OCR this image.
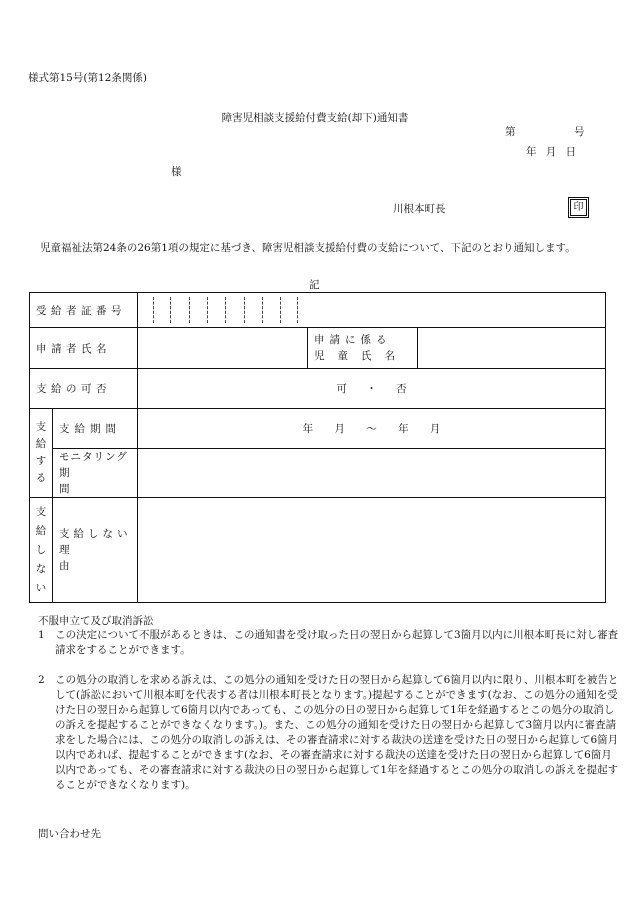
様式第15号(第12条関係)
障害児相談支援給付費支給(却下)通知書
第	号
年 月 日
様
川根本町長	印
児童福祉法第24条の26第1項の規定に基づき、障害児相談支援給付費の支給について、下記のとおり通知します。
記
受給者証番号				

申請者氏名			申請に係る
児童氏名	

支給の可否		可 ・ 否		

支
給
す
る	支給期間	年 月 〜 年 月		

	モニタリング
期間			

支
給
し
な
い	支給しない
理由			

不服申立て及び取消訴訟
1　この決定について不服があるときは、この通知書を受け取った日の翌日から起算して3箇月以内に川根本町長に対し審査請求をすることができます。
2　この処分の取消しを求める訴えは、この処分の通知を受けた日の翌日から起算して6箇月以内に限り、川根本町を被告として(訴訟において川根本町を代表する者は川根本町長となります。)提起することができます(なお、この処分の通知を受けた日の翌日から起算して6箇月以内であっても、この処分の日の翌日から起算して1年を経過するとこの処分の取消しの訴えを提起することができなくなります。)。また、この処分の通知を受けた日の翌日から起算して3箇月以内に審査請求をした場合には、この処分の取消しの訴えは、その審査請求に対する裁決の送達を受けた日の翌日から起算して6箇月以内であれば、提起することができます(なお、その審査請求に対する裁決の送達を受けた日の翌日から起算して6箇月以内であっても、その審査請求に対する裁決の日の翌日から起算して1年を経過するとこの処分の取消しの訴えを提起することができなくなります)。
問い合わせ先
